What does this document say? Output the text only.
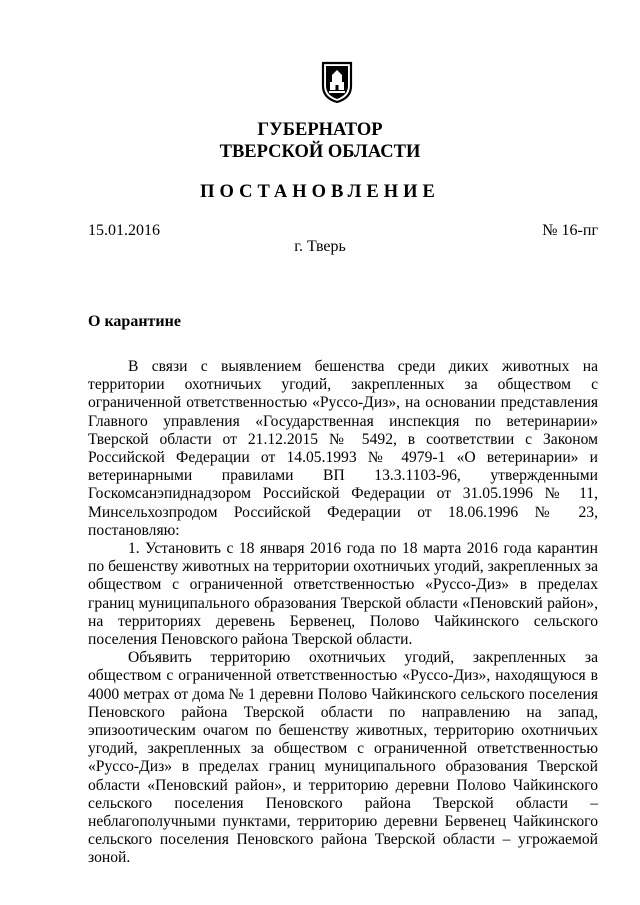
ГУБЕРНАТОР
ТВЕРСКОЙ ОБЛАСТИ
ПОСТАНОВЛЕНИЕ
15.01.2016	№ 16-пг
г. Тверь
О карантине

В связи с выявлением бешенства среди диких животных на территории охотничьих угодий, закрепленных за обществом с ограниченной ответственностью «Руссо-Диз», на основании представления Главного управления «Государственная инспекция по ветеринарии» Тверской области от 21.12.2015 № 5492, в соответствии с Законом Российской Федерации от 14.05.1993 № 4979-1 «О ветеринарии» и ветеринарными правилами ВП 13.3.1103-96, утвержденными Госкомсанэпиднадзором Российской Федерации от 31.05.1996 № 11, Минсельхозпродом Российской Федерации от 18.06.1996 № 23, постановляю:

1. Установить с 18 января 2016 года по 18 марта 2016 года карантин по бешенству животных на территории охотничьих угодий, закрепленных за обществом с ограниченной ответственностью «Руссо-Диз» в пределах границ муниципального образования Тверской области «Пеновский район», на территориях деревень Бервенец, Полово Чайкинского сельского поселения Пеновского района Тверской области.

Объявить территорию охотничьих угодий, закрепленных за обществом с ограниченной ответственностью «Руссо-Диз», находящуюся в 4000 метрах от дома № 1 деревни Полово Чайкинского сельского поселения Пеновского района Тверской области по направлению на запад, эпизоотическим очагом по бешенству животных, территорию охотничьих угодий, закрепленных за обществом с ограниченной ответственностью «Руссо-Диз» в пределах границ муниципального образования Тверской области «Пеновский район», и территорию деревни Полово Чайкинского сельского поселения Пеновского района Тверской области – неблагополучными пунктами, территорию деревни Бервенец Чайкинского сельского поселения Пеновского района Тверской области – угрожаемой зоной.
